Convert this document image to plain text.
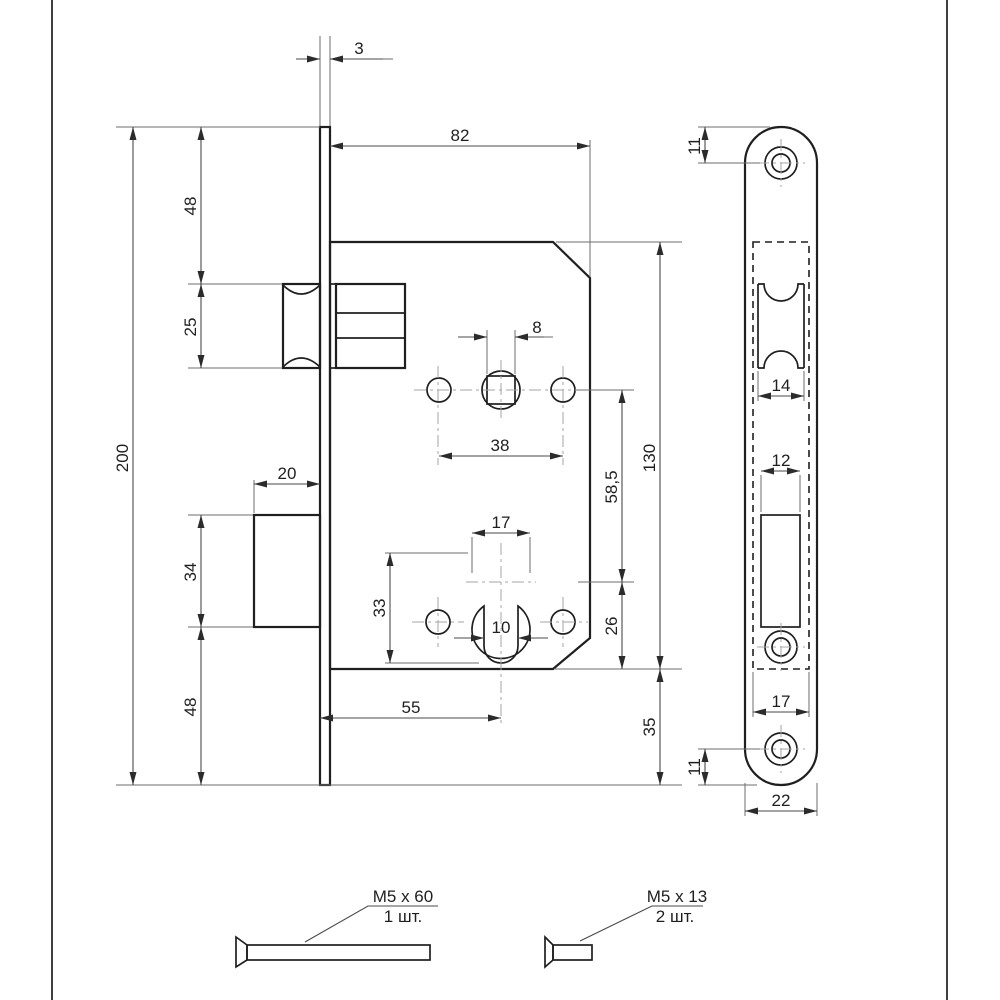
3
82
48
25
200
20
34
48
8
38
58,5
130
26
17
33
10
55
35
11
14
12
17
11
22
M5 x 60
1 шт.
M5 x 13
2 шт.
